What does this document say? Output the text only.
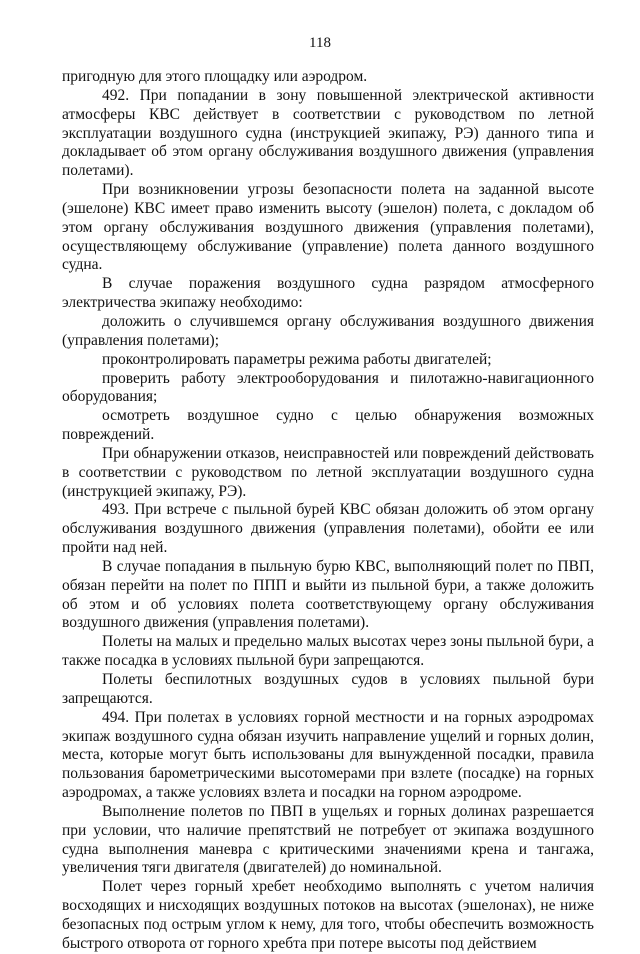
118

пригодную для этого площадку или аэродром.

492. При попадании в зону повышенной электрической активности атмосферы КВС действует в соответствии с руководством по летной эксплуатации воздушного судна (инструкцией экипажу, РЭ) данного типа и докладывает об этом органу обслуживания воздушного движения (управления полетами).

При возникновении угрозы безопасности полета на заданной высоте (эшелоне) КВС имеет право изменить высоту (эшелон) полета, с докладом об этом органу обслуживания воздушного движения (управления полетами), осуществляющему обслуживание (управление) полета данного воздушного судна.

В случае поражения воздушного судна разрядом атмосферного электричества экипажу необходимо:

доложить о случившемся органу обслуживания воздушного движения (управления полетами);

проконтролировать параметры режима работы двигателей;

проверить работу электрооборудования и пилотажно-навигационного оборудования;

осмотреть воздушное судно с целью обнаружения возможных повреждений.

При обнаружении отказов, неисправностей или повреждений действовать в соответствии с руководством по летной эксплуатации воздушного судна (инструкцией экипажу, РЭ).

493. При встрече с пыльной бурей КВС обязан доложить об этом органу обслуживания воздушного движения (управления полетами), обойти ее или пройти над ней.

В случае попадания в пыльную бурю КВС, выполняющий полет по ПВП, обязан перейти на полет по ППП и выйти из пыльной бури, а также доложить об этом и об условиях полета соответствующему органу обслуживания воздушного движения (управления полетами).

Полеты на малых и предельно малых высотах через зоны пыльной бури, а также посадка в условиях пыльной бури запрещаются.

Полеты беспилотных воздушных судов в условиях пыльной бури запрещаются.

494. При полетах в условиях горной местности и на горных аэродромах экипаж воздушного судна обязан изучить направление ущелий и горных долин, места, которые могут быть использованы для вынужденной посадки, правила пользования барометрическими высотомерами при взлете (посадке) на горных аэродромах, а также условиях взлета и посадки на горном аэродроме.

Выполнение полетов по ПВП в ущельях и горных долинах разрешается при условии, что наличие препятствий не потребует от экипажа воздушного судна выполнения маневра с критическими значениями крена и тангажа, увеличения тяги двигателя (двигателей) до номинальной.

Полет через горный хребет необходимо выполнять с учетом наличия восходящих и нисходящих воздушных потоков на высотах (эшелонах), не ниже безопасных под острым углом к нему, для того, чтобы обеспечить возможность быстрого отворота от горного хребта при потере высоты под действием
